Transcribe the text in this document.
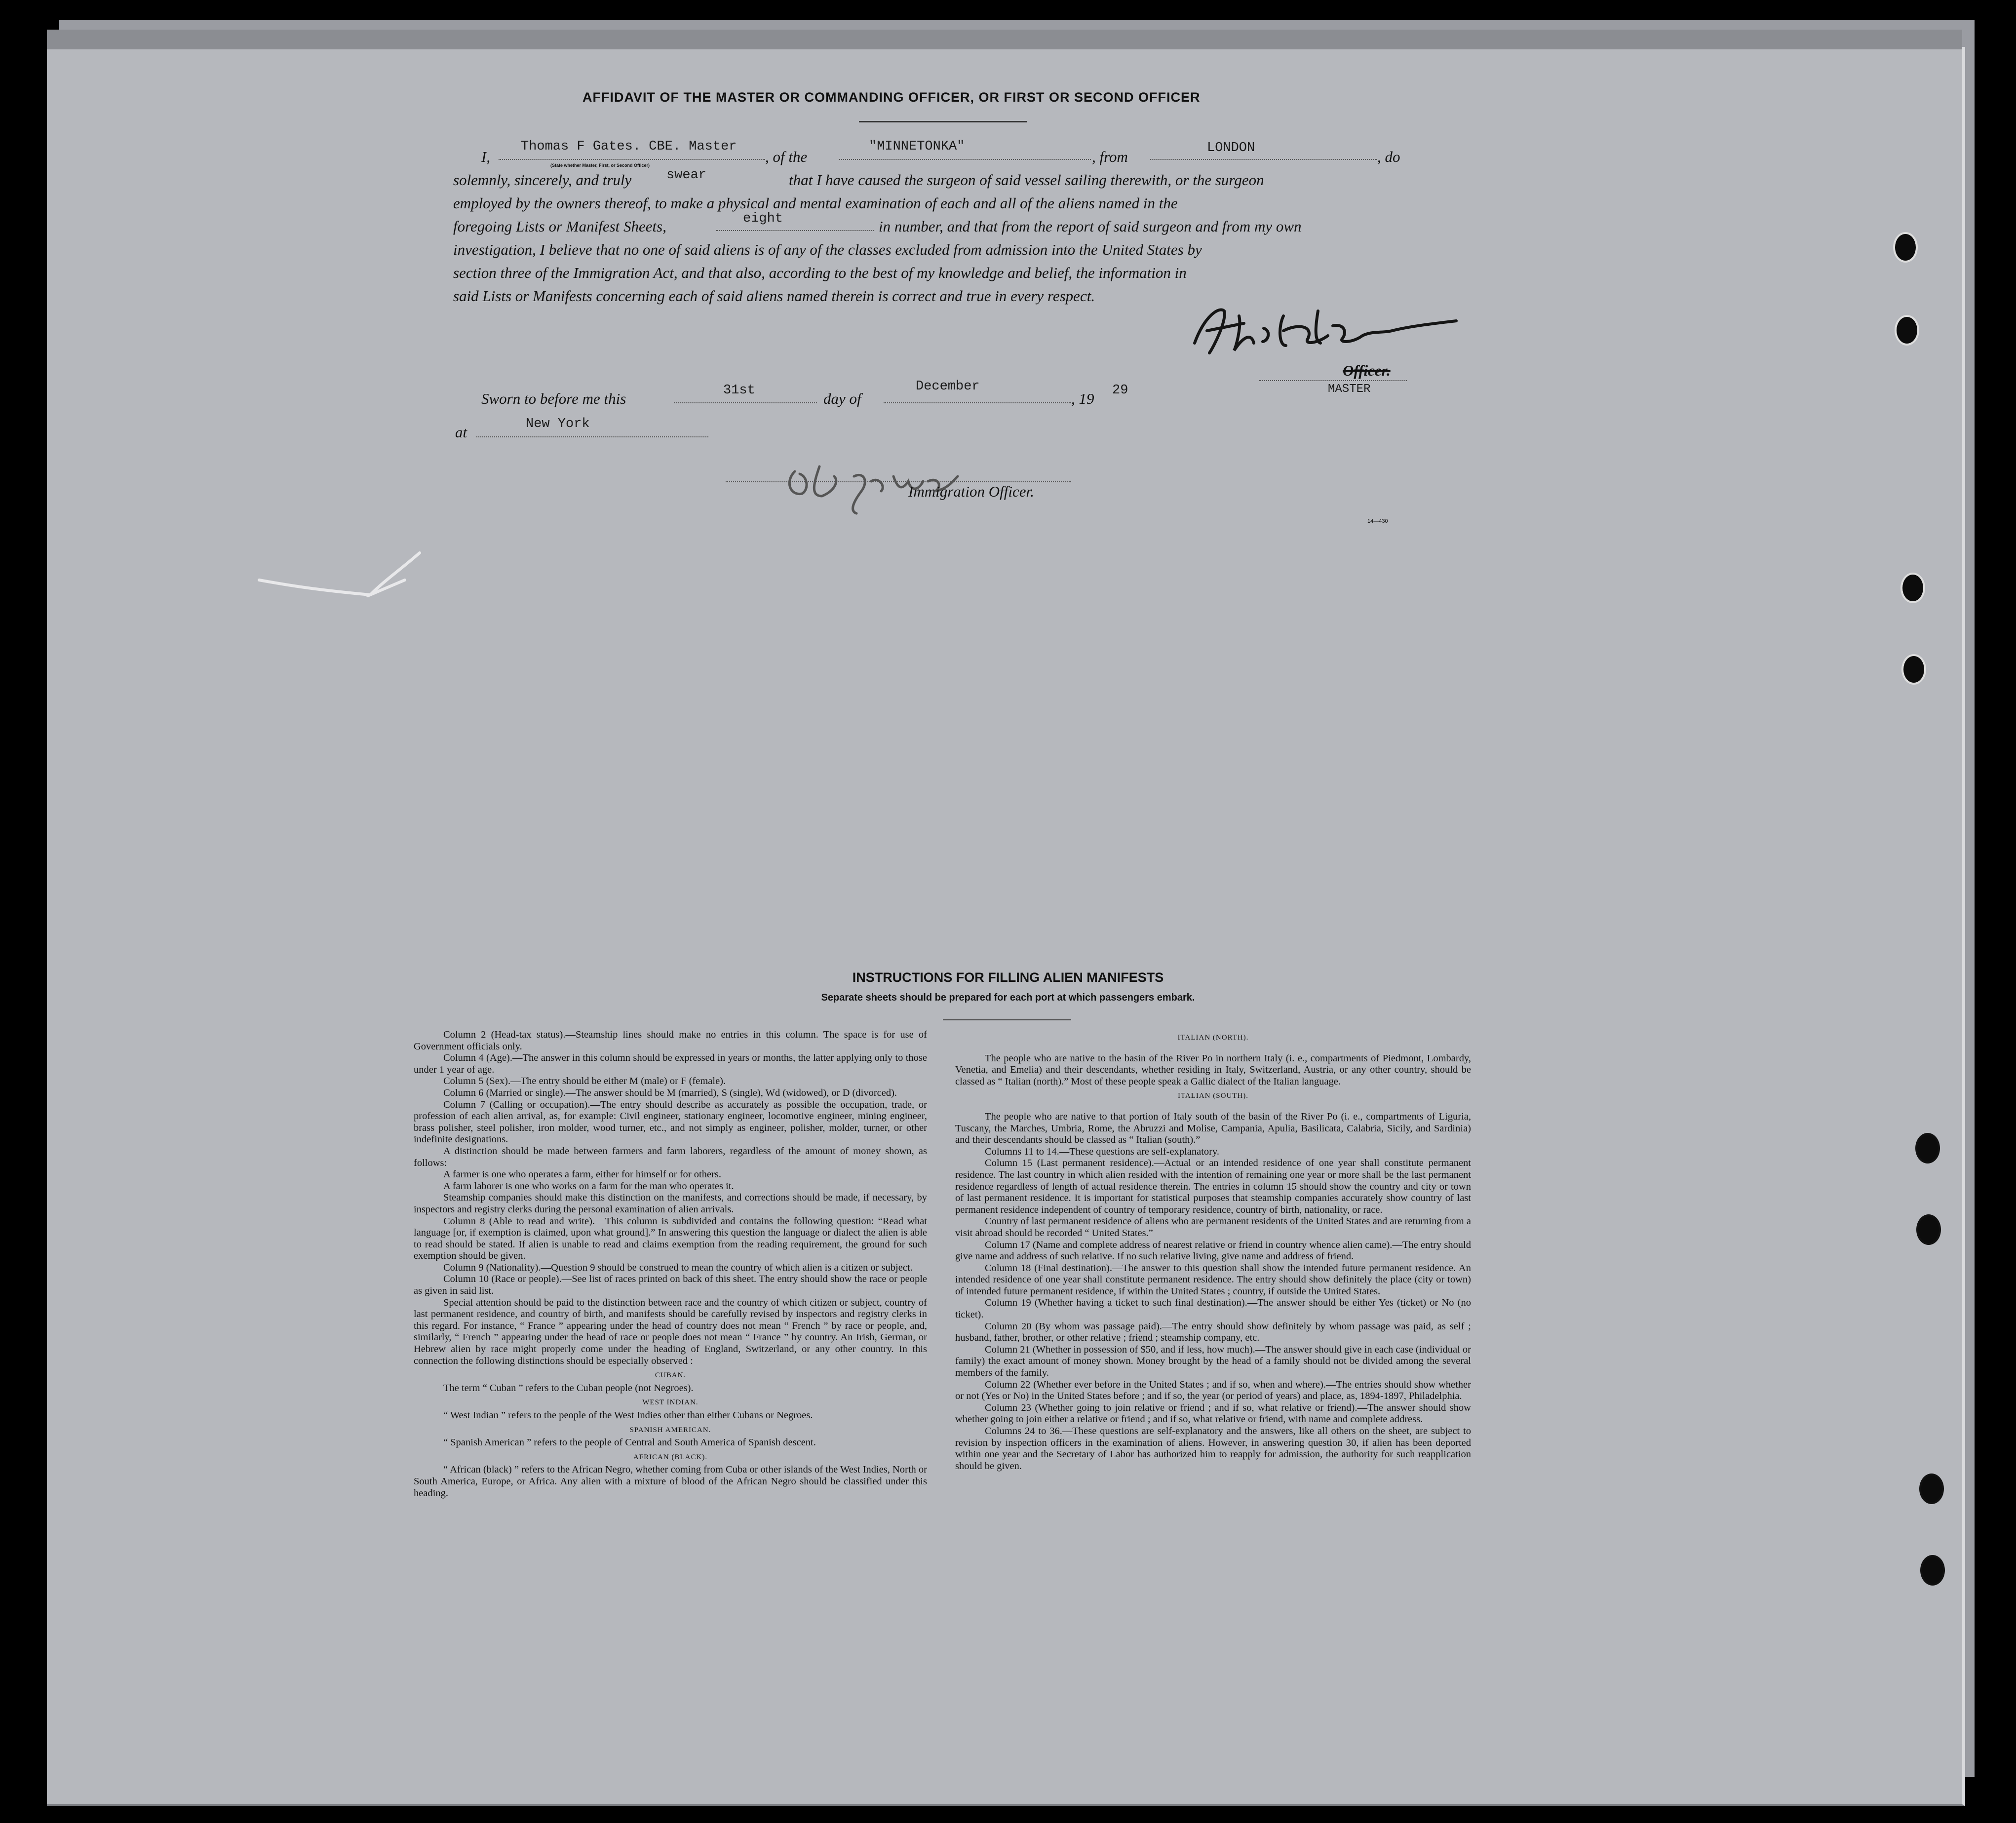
AFFIDAVIT OF THE MASTER OR COMMANDING OFFICER, OR FIRST OR SECOND OFFICER
I,
Thomas F Gates. CBE. Master
(State whether Master, First, or Second Officer)	, of the
"MINNETONKA"
, from	LONDON	, do
solemnly, sincerely, and truly	swear	that I have caused the surgeon of said vessel sailing therewith, or the surgeon
employed by the owners thereof, to make a physical and mental examination of each and all of the aliens named in the
foregoing Lists or Manifest Sheets,	eight	in number, and that from the report of said surgeon and from my own
investigation, I believe that no one of said aliens is of any of the classes excluded from admission into the United States by
section three of the Immigration Act, and that also, according to the best of my knowledge and belief, the information in
said Lists or Manifests concerning each of said aliens named therein is correct and true in every respect.
Officer.
MASTER
Sworn to before me this	31st	day of
December
, 19 29
at	New York
Immigration Officer.
14—430
INSTRUCTIONS FOR FILLING ALIEN MANIFESTS
Separate sheets should be prepared for each port at which passengers embark.

Column 2 (Head-tax status).—Steamship lines should make no entries in this column. The space is for use of Government officials only.

Column 4 (Age).—The answer in this column should be expressed in years or months, the latter applying only to those under 1 year of age.

Column 5 (Sex).—The entry should be either M (male) or F (female).

Column 6 (Married or single).—The answer should be M (married), S (single), Wd (widowed), or D (divorced).

Column 7 (Calling or occupation).—The entry should describe as accurately as possible the occupation, trade, or profession of each alien arrival, as, for example: Civil engineer, stationary engineer, locomotive engineer, mining engineer, brass polisher, steel polisher, iron molder, wood turner, etc., and not simply as engineer, polisher, molder, turner, or other indefinite designations.

A distinction should be made between farmers and farm laborers, regardless of the amount of money shown, as follows:

A farmer is one who operates a farm, either for himself or for others.

A farm laborer is one who works on a farm for the man who operates it.

Steamship companies should make this distinction on the manifests, and corrections should be made, if necessary, by inspectors and registry clerks during the personal examination of alien arrivals.

Column 8 (Able to read and write).—This column is subdivided and contains the following question: “Read what language [or, if exemption is claimed, upon what ground].” In answering this question the language or dialect the alien is able to read should be stated. If alien is unable to read and claims exemption from the reading requirement, the ground for such exemption should be given.

Column 9 (Nationality).—Question 9 should be construed to mean the country of which alien is a citizen or subject.

Column 10 (Race or people).—See list of races printed on back of this sheet. The entry should show the race or people as given in said list.

Special attention should be paid to the distinction between race and the country of which citizen or subject, country of last permanent residence, and country of birth, and manifests should be carefully revised by inspectors and registry clerks in this regard. For instance, “ France ” appearing under the head of country does not mean “ French ” by race or people, and, similarly, “ French ” appearing under the head of race or people does not mean “ France ” by country. An Irish, German, or Hebrew alien by race might properly come under the heading of England, Switzerland, or any other country. In this connection the following distinctions should be especially observed :

CUBAN.

The term “ Cuban ” refers to the Cuban people (not Negroes).

WEST INDIAN.

“ West Indian ” refers to the people of the West Indies other than either Cubans or Negroes.

SPANISH AMERICAN.

“ Spanish American ” refers to the people of Central and South America of Spanish descent.

AFRICAN (BLACK).

“ African (black) ” refers to the African Negro, whether coming from Cuba or other islands of the West Indies, North or South America, Europe, or Africa. Any alien with a mixture of blood of the African Negro should be classified under this heading.

ITALIAN (NORTH).

The people who are native to the basin of the River Po in northern Italy (i. e., compartments of Piedmont, Lombardy, Venetia, and Emelia) and their descendants, whether residing in Italy, Switzerland, Austria, or any other country, should be classed as “ Italian (north).” Most of these people speak a Gallic dialect of the Italian language.

ITALIAN (SOUTH).

The people who are native to that portion of Italy south of the basin of the River Po (i. e., compartments of Liguria, Tuscany, the Marches, Umbria, Rome, the Abruzzi and Molise, Campania, Apulia, Basilicata, Calabria, Sicily, and Sardinia) and their descendants should be classed as “ Italian (south).”

Columns 11 to 14.—These questions are self-explanatory.

Column 15 (Last permanent residence).—Actual or an intended residence of one year shall constitute permanent residence. The last country in which alien resided with the intention of remaining one year or more shall be the last permanent residence regardless of length of actual residence therein. The entries in column 15 should show the country and city or town of last permanent residence. It is important for statistical purposes that steamship companies accurately show country of last permanent residence independent of country of temporary residence, country of birth, nationality, or race.

Country of last permanent residence of aliens who are permanent residents of the United States and are returning from a visit abroad should be recorded “ United States.”

Column 17 (Name and complete address of nearest relative or friend in country whence alien came).—The entry should give name and address of such relative. If no such relative living, give name and address of friend.

Column 18 (Final destination).—The answer to this question shall show the intended future permanent residence. An intended residence of one year shall constitute permanent residence. The entry should show definitely the place (city or town) of intended future permanent residence, if within the United States ; country, if outside the United States.

Column 19 (Whether having a ticket to such final destination).—The answer should be either Yes (ticket) or No (no ticket).

Column 20 (By whom was passage paid).—The entry should show definitely by whom passage was paid, as self ; husband, father, brother, or other relative ; friend ; steamship company, etc.

Column 21 (Whether in possession of $50, and if less, how much).—The answer should give in each case (individual or family) the exact amount of money shown. Money brought by the head of a family should not be divided among the several members of the family.

Column 22 (Whether ever before in the United States ; and if so, when and where).—The entries should show whether or not (Yes or No) in the United States before ; and if so, the year (or period of years) and place, as, 1894-1897, Philadelphia.

Column 23 (Whether going to join relative or friend ; and if so, what relative or friend).—The answer should show whether going to join either a relative or friend ; and if so, what relative or friend, with name and complete address.

Columns 24 to 36.—These questions are self-explanatory and the answers, like all others on the sheet, are subject to revision by inspection officers in the examination of aliens. However, in answering question 30, if alien has been deported within one year and the Secretary of Labor has authorized him to reapply for admission, the authority for such reapplication should be given.
